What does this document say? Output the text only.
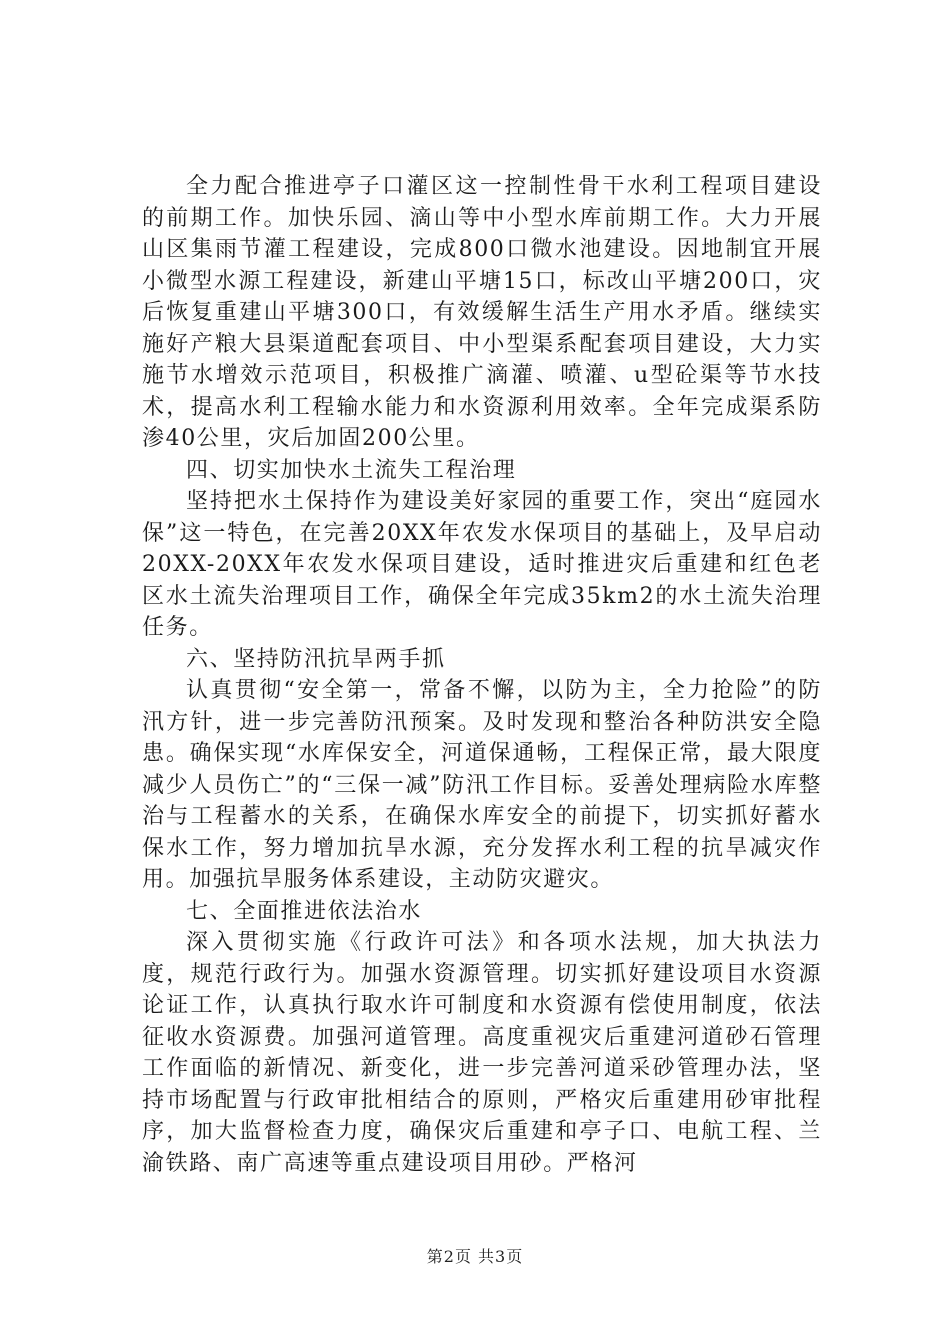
全力配合推进亭子口灌区这一控制性骨干水利工程项目建设的前期工作。加快乐园、滴山等中小型水库前期工作。大力开展山区集雨节灌工程建设，完成800口微水池建设。因地制宜开展小微型水源工程建设，新建山平塘15口，标改山平塘200口，灾后恢复重建山平塘300口，有效缓解生活生产用水矛盾。继续实施好产粮大县渠道配套项目、中小型渠系配套项目建设，大力实施节水增效示范项目，积极推广滴灌、喷灌、u型砼渠等节水技术，提高水利工程输水能力和水资源利用效率。全年完成渠系防渗40公里，灾后加固200公里。

四、切实加快水土流失工程治理

坚持把水土保持作为建设美好家园的重要工作，突出“庭园水保”这一特色，在完善20XX年农发水保项目的基础上，及早启动20XX-20XX年农发水保项目建设，适时推进灾后重建和红色老区水土流失治理项目工作，确保全年完成35km2的水土流失治理任务。

六、坚持防汛抗旱两手抓

认真贯彻“安全第一，常备不懈，以防为主，全力抢险”的防汛方针，进一步完善防汛预案。及时发现和整治各种防洪安全隐患。确保实现“水库保安全，河道保通畅，工程保正常，最大限度减少人员伤亡”的“三保一减”防汛工作目标。妥善处理病险水库整治与工程蓄水的关系，在确保水库安全的前提下，切实抓好蓄水保水工作，努力增加抗旱水源，充分发挥水利工程的抗旱减灾作用。加强抗旱服务体系建设，主动防灾避灾。

七、全面推进依法治水

深入贯彻实施《行政许可法》和各项水法规，加大执法力度，规范行政行为。加强水资源管理。切实抓好建设项目水资源论证工作，认真执行取水许可制度和水资源有偿使用制度，依法征收水资源费。加强河道管理。高度重视灾后重建河道砂石管理工作面临的新情况、新变化，进一步完善河道采砂管理办法，坚持市场配置与行政审批相结合的原则，严格灾后重建用砂审批程序，加大监督检查力度，确保灾后重建和亭子口、电航工程、兰渝铁路、南广高速等重点建设项目用砂。严格河

第2页 共3页
